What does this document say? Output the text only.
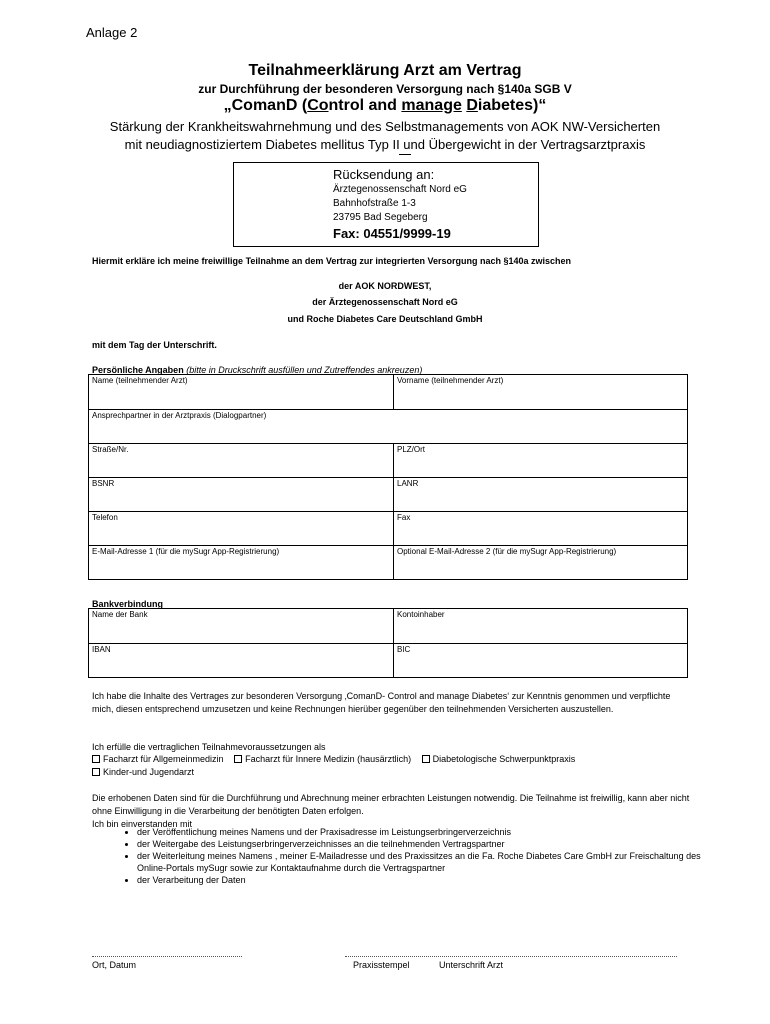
Anlage 2
Teilnahmeerklärung Arzt am Vertrag
zur Durchführung der besonderen Versorgung nach §140a SGB V
„ComanD (Control and manage Diabetes)“
Stärkung der Krankheitswahrnehmung und des Selbstmanagements von AOK NW-Versicherten
mit neudiagnostiziertem Diabetes mellitus Typ II und Übergewicht in der Vertragsarztpraxis
Rücksendung an:
Ärztegenossenschaft Nord eG
Bahnhofstraße 1-3
23795 Bad Segeberg
Fax: 04551/9999-19
Hiermit erkläre ich meine freiwillige Teilnahme an dem Vertrag zur integrierten Versorgung nach §140a zwischen
der AOK NORDWEST,
der Ärztegenossenschaft Nord eG
und Roche Diabetes Care Deutschland GmbH
mit dem Tag der Unterschrift.
Persönliche Angaben (bitte in Druckschrift ausfüllen und Zutreffendes ankreuzen)
Name (teilnehmender Arzt)	Vorname (teilnehmender Arzt)
Ansprechpartner in der Arztpraxis (Dialogpartner)	
Straße/Nr.	PLZ/Ort
BSNR	LANR
Telefon	Fax
E-Mail-Adresse 1 (für die mySugr App-Registrierung)	Optional E-Mail-Adresse 2 (für die mySugr App-Registrierung)
Bankverbindung
Name der Bank	Kontoinhaber
IBAN	BIC
Ich habe die Inhalte des Vertrages zur besonderen Versorgung ‚ComanD- Control and manage Diabetes‘ zur Kenntnis genommen und verpflichte mich, diesen entsprechend umzusetzen und keine Rechnungen hierüber gegenüber den teilnehmenden Versicherten auszustellen.
Ich erfülle die vertraglichen Teilnahmevoraussetzungen als
Facharzt für Allgemeinmedizin Facharzt für Innere Medizin (hausärztlich) Diabetologische Schwerpunktpraxis
Kinder-und Jugendarzt
Die erhobenen Daten sind für die Durchführung und Abrechnung meiner erbrachten Leistungen notwendig. Die Teilnahme ist freiwillig, kann aber nicht ohne Einwilligung in die Verarbeitung der benötigten Daten erfolgen.
Ich bin einverstanden mit
• der Veröffentlichung meines Namens und der Praxisadresse im Leistungserbringerverzeichnis
• der Weitergabe des Leistungserbringerverzeichnisses an die teilnehmenden Vertragspartner
• der Weiterleitung meines Namens , meiner E-Mailadresse und des Praxissitzes an die Fa. Roche Diabetes Care GmbH zur Freischaltung des Online-Portals mySugr sowie zur Kontaktaufnahme durch die Vertragspartner
• der Verarbeitung der Daten
Ort, Datum	Praxisstempel	Unterschrift Arzt
